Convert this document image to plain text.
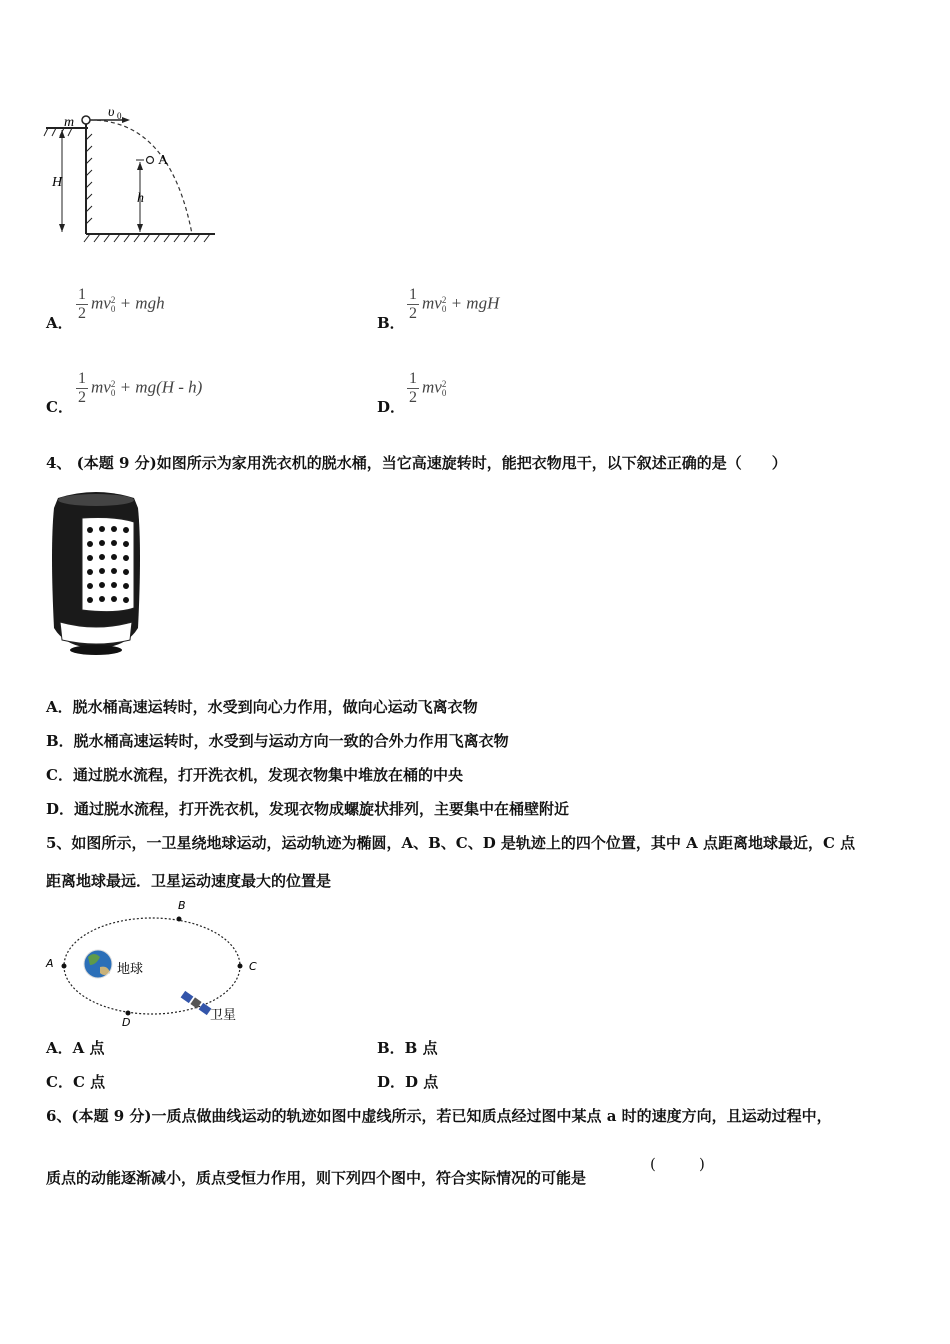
m
υ 0
A
H
h
A． $\frac{1}{2}$ mv 2
0 + mgh
B． $\frac{1}{2}$ mv 2
0 + mgH
C． $\frac{1}{2}$ mv 2
0 + mg(H - h)
D． $\frac{1}{2}$ mv 2
0
4、 (本题 9 分)如图所示为家用洗衣机的脱水桶，当它高速旋转时，能把衣物甩干，以下叙述正确的是（　　）
A．脱水桶高速运转时，水受到向心力作用，做向心运动飞离衣物
B．脱水桶高速运转时，水受到与运动方向一致的合外力作用飞离衣物
C．通过脱水流程，打开洗衣机，发现衣物集中堆放在桶的中央
D．通过脱水流程，打开洗衣机，发现衣物成螺旋状排列，主要集中在桶壁附近
5、如图所示，一卫星绕地球运动，运动轨迹为椭圆，A、B、C、D 是轨迹上的四个位置，其中 A 点距离地球最近，C 点
距离地球最远．卫星运动速度最大的位置是
A
B
C
D
地球
卫星
A．A 点	B．B 点
C．C 点	D．D 点
6、(本题 9 分)一质点做曲线运动的轨迹如图中虚线所示，若已知质点经过图中某点 a 时的速度方向，且运动过程中，
质点的动能逐渐减小，质点受恒力作用，则下列四个图中，符合实际情况的可能是
(	)
